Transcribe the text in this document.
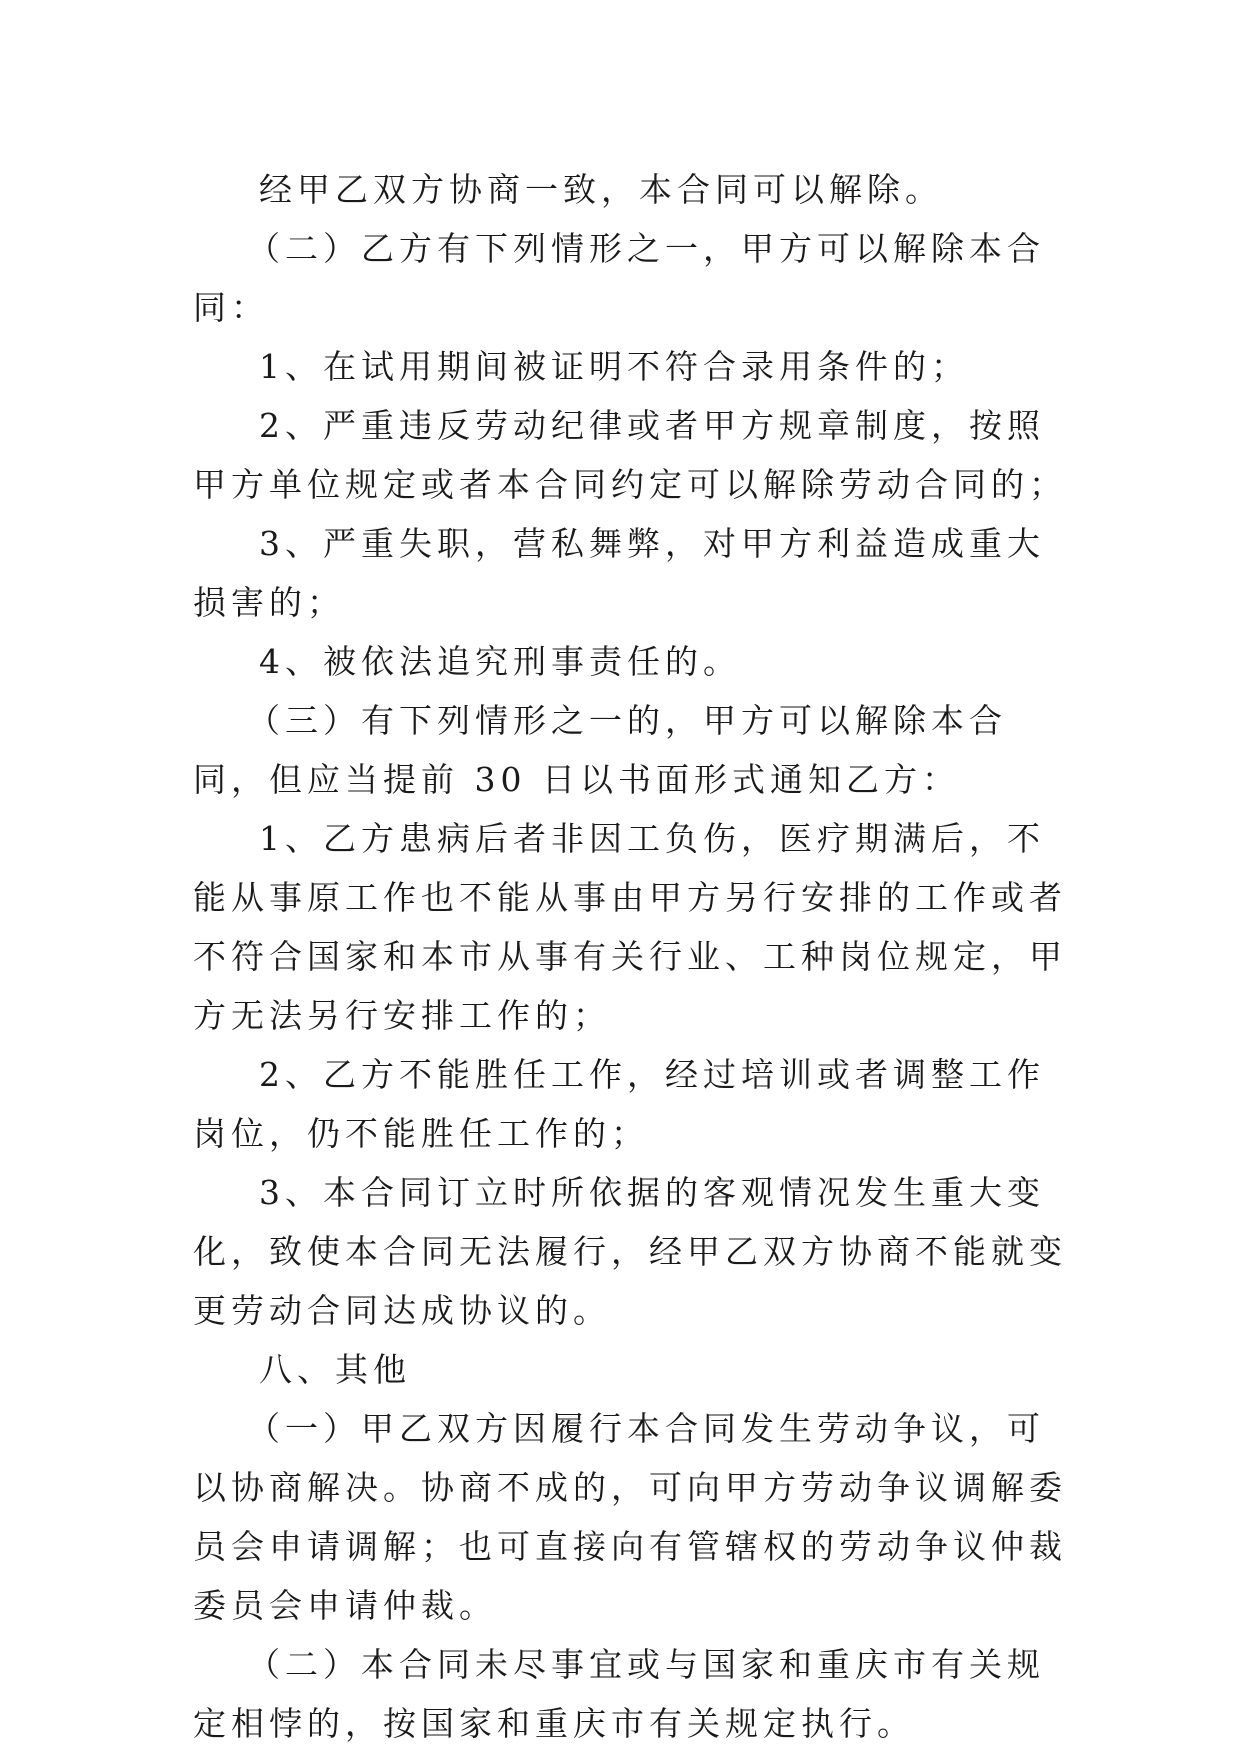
经甲乙双方协商一致，本合同可以解除。

（二）乙方有下列情形之一，甲方可以解除本合同：

1、在试用期间被证明不符合录用条件的；

2、严重违反劳动纪律或者甲方规章制度，按照甲方单位规定或者本合同约定可以解除劳动合同的；

3、严重失职，营私舞弊，对甲方利益造成重大损害的；

4、被依法追究刑事责任的。

（三）有下列情形之一的，甲方可以解除本合同，但应当提前 30 日以书面形式通知乙方：

1、乙方患病后者非因工负伤，医疗期满后，不能从事原工作也不能从事由甲方另行安排的工作或者不符合国家和本市从事有关行业、工种岗位规定，甲方无法另行安排工作的；

2、乙方不能胜任工作，经过培训或者调整工作岗位，仍不能胜任工作的；

3、本合同订立时所依据的客观情况发生重大变化，致使本合同无法履行，经甲乙双方协商不能就变更劳动合同达成协议的。

八、其他

（一）甲乙双方因履行本合同发生劳动争议，可以协商解决。协商不成的，可向甲方劳动争议调解委员会申请调解；也可直接向有管辖权的劳动争议仲裁委员会申请仲裁。

（二）本合同未尽事宜或与国家和重庆市有关规定相悖的，按国家和重庆市有关规定执行。
